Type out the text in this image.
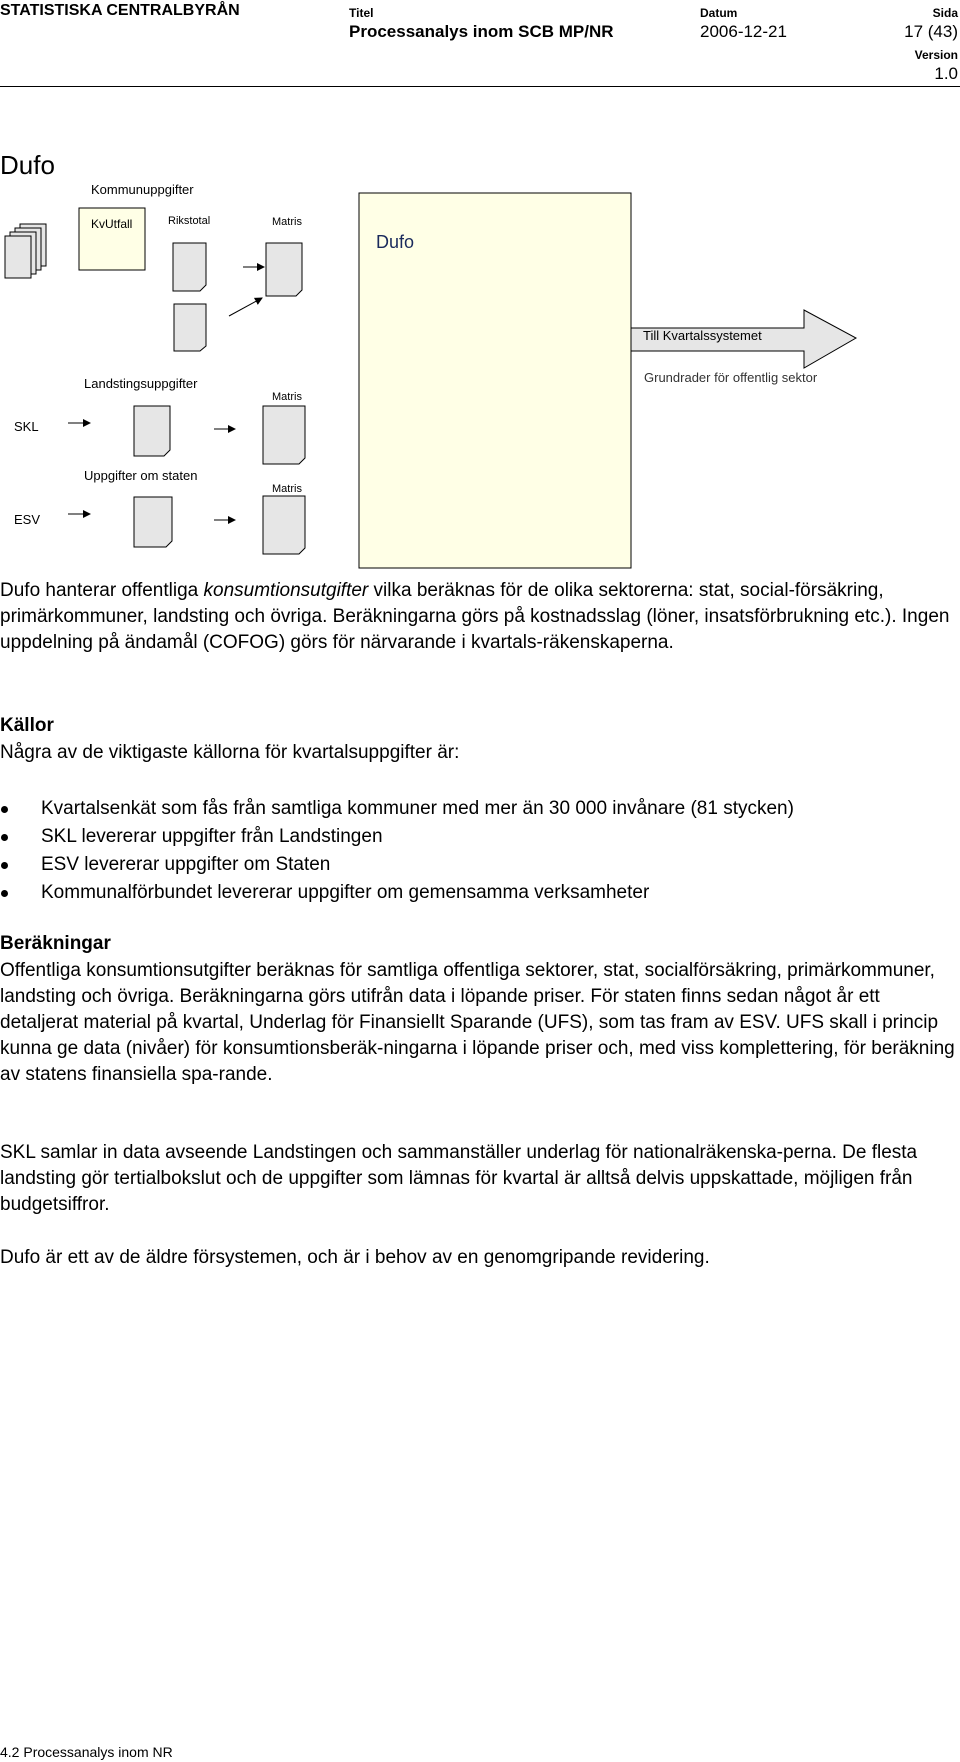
STATISTISKA CENTRALBYRÅN	Titel
Processanalys inom SCB MP/NR
Datum
2006-12-21
Sida
17 (43)
Version
1.0
Dufo
Kommunuppgifter
KvUtfall	Rikstotal	Matris
Dufo
Till Kvartalssystemet
Grundrader för offentlig sektor
Landstingsuppgifter
Matris
SKL
Uppgifter om staten
Matris
ESV
Dufo hanterar offentliga konsumtionsutgifter vilka beräknas för de olika sektorerna: stat, social-försäkring, primärkommuner, landsting och övriga. Beräkningarna görs på kostnadsslag (löner, insatsförbrukning etc.). Ingen uppdelning på ändamål (COFOG) görs för närvarande i kvartals-räkenskaperna.
Källor
Några av de viktigaste källorna för kvartalsuppgifter är:
Kvartalsenkät som fås från samtliga kommuner med mer än 30 000 invånare (81 stycken)
SKL levererar uppgifter från Landstingen
ESV levererar uppgifter om Staten
Kommunalförbundet levererar uppgifter om gemensamma verksamheter
Beräkningar
Offentliga konsumtionsutgifter beräknas för samtliga offentliga sektorer, stat, socialförsäkring, primärkommuner, landsting och övriga. Beräkningarna görs utifrån data i löpande priser. För staten finns sedan något år ett detaljerat material på kvartal, Underlag för Finansiellt Sparande (UFS), som tas fram av ESV. UFS skall i princip kunna ge data (nivåer) för konsumtionsberäk-ningarna i löpande priser och, med viss komplettering, för beräkning av statens finansiella spa-rande.
SKL samlar in data avseende Landstingen och sammanställer underlag för nationalräkenska-perna. De flesta landsting gör tertialbokslut och de uppgifter som lämnas för kvartal är alltså delvis uppskattade, möjligen från budgetsiffror.
Dufo är ett av de äldre försystemen, och är i behov av en genomgripande revidering.
4.2 Processanalys inom NR
